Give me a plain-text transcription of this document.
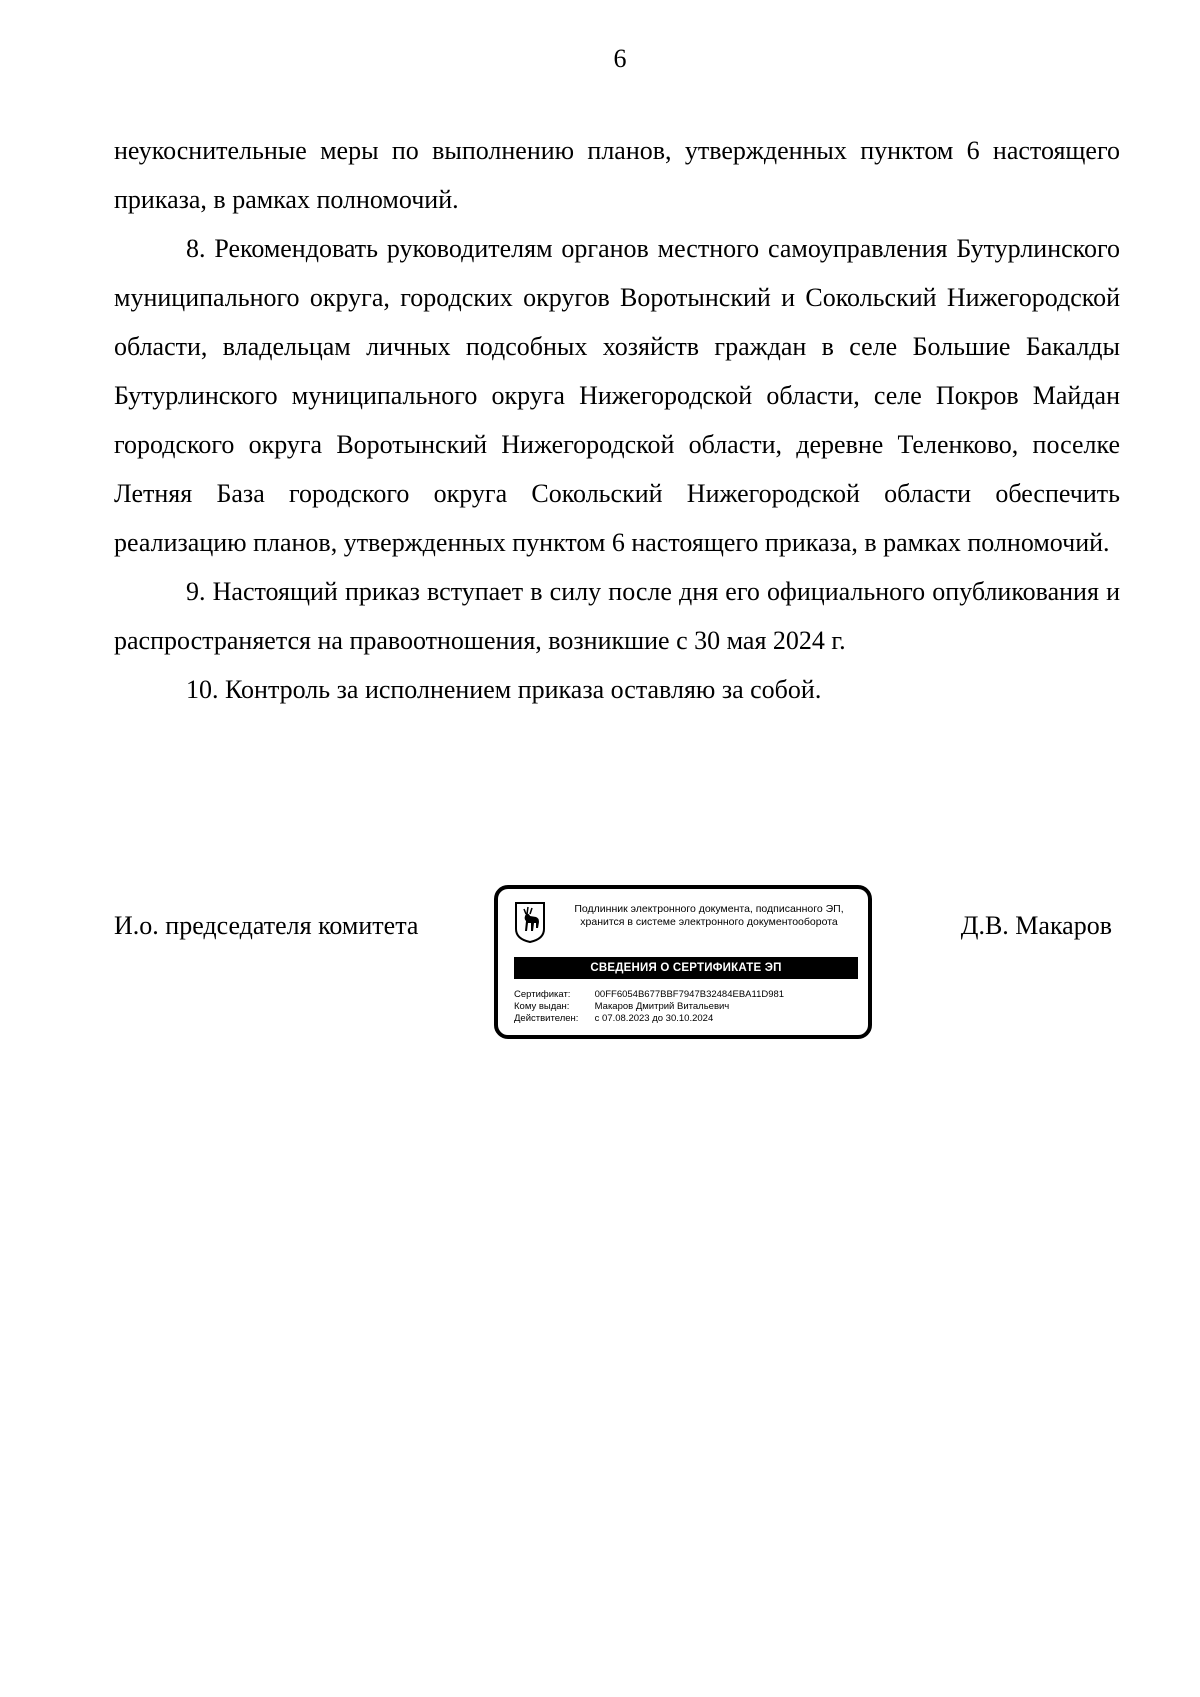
6

неукоснительные меры по выполнению планов, утвержденных пунктом 6 настоящего приказа, в рамках полномочий.

8. Рекомендовать руководителям органов местного самоуправления Бутурлинского муниципального округа, городских округов Воротынский и Сокольский Нижегородской области, владельцам личных подсобных хозяйств граждан в селе Большие Бакалды Бутурлинского муниципального округа Нижегородской области, селе Покров Майдан городского округа Воротынский Нижегородской области, деревне Теленково, поселке Летняя База городского округа Сокольский Нижегородской области обеспечить реализацию планов, утвержденных пунктом 6 настоящего приказа, в рамках полномочий.

9. Настоящий приказ вступает в силу после дня его официального опубликования и распространяется на правоотношения, возникшие с 30 мая 2024 г.

10. Контроль за исполнением приказа оставляю за собой.

И.о. председателя комитета
Подлинник электронного документа, подписанного ЭП,
хранится в системе электронного документооборота
СВЕДЕНИЯ О СЕРТИФИКАТЕ ЭП
Сертификат:	00FF6054B677BBF7947B32484EBA11D981
Кому выдан:	Макаров Дмитрий Витальевич
Действителен: с 07.08.2023 до 30.10.2024
Д.В. Макаров
